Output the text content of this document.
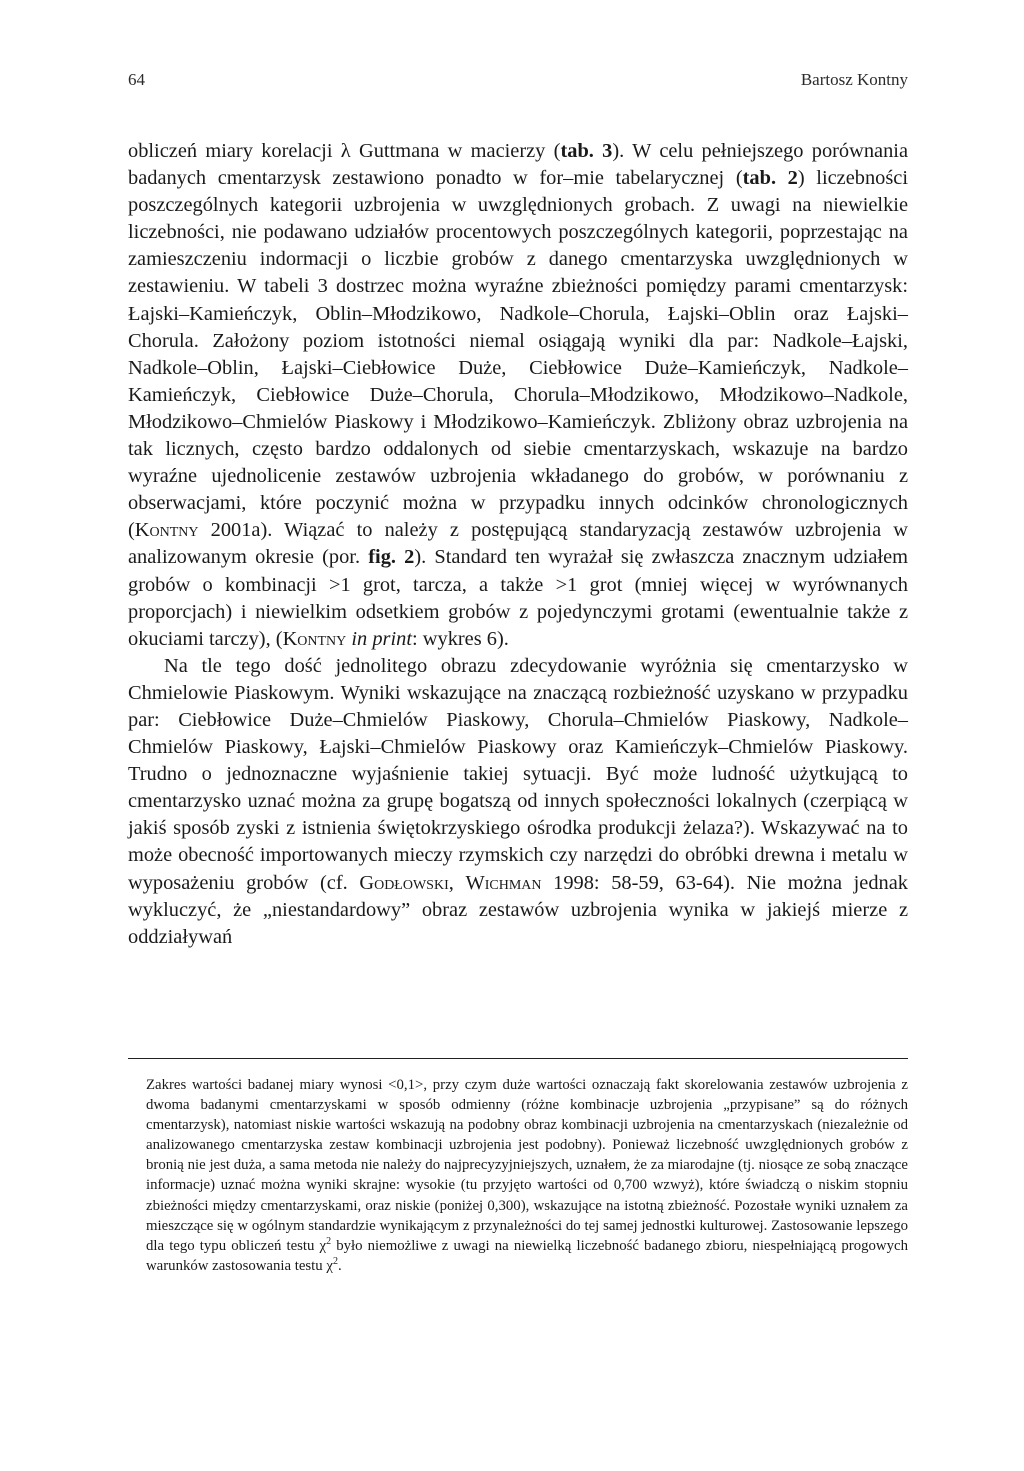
64	Bartosz Kontny

obliczeń miary korelacji λ Guttmana w macierzy (tab. 3). W celu pełniejszego porównania badanych cmentarzysk zestawiono ponadto w for–mie tabelarycznej (tab. 2) liczebności poszczególnych kategorii uzbrojenia w uwzględnionych grobach. Z uwagi na niewielkie liczebności, nie podawano udziałów procentowych poszczególnych kategorii, poprzestając na zamieszczeniu indormacji o liczbie grobów z danego cmentarzyska uwzględnionych w zestawieniu. W tabeli 3 dostrzec można wyraźne zbieżności pomiędzy parami cmentarzysk: Łajski–Kamieńczyk, Oblin–Młodzikowo, Nadkole–Chorula, Łajski–Oblin oraz Łajski–Chorula. Założony poziom istotności niemal osiągają wyniki dla par: Nadkole–Łajski, Nadkole–Oblin, Łajski–Ciebłowice Duże, Ciebłowice Duże–Kamieńczyk, Nadkole–Kamieńczyk, Ciebłowice Duże–Chorula, Chorula–Młodzikowo, Młodzikowo–Nadkole, Młodzikowo–Chmielów Piaskowy i Młodzikowo–Kamieńczyk. Zbliżony obraz uzbrojenia na tak licznych, często bardzo oddalonych od siebie cmentarzyskach, wskazuje na bardzo wyraźne ujednolicenie zestawów uzbrojenia wkładanego do grobów, w porównaniu z obserwacjami, które poczynić można w przypadku innych odcinków chronologicznych (Kontny 2001a). Wiązać to należy z postępującą standaryzacją zestawów uzbrojenia w analizowanym okresie (por. fig. 2). Standard ten wyrażał się zwłaszcza znacznym udziałem grobów o kombinacji >1 grot, tarcza, a także >1 grot (mniej więcej w wyrównanych proporcjach) i niewielkim odsetkiem grobów z pojedynczymi grotami (ewentualnie także z okuciami tarczy), (Kontny in print: wykres 6).

Na tle tego dość jednolitego obrazu zdecydowanie wyróżnia się cmentarzysko w Chmielowie Piaskowym. Wyniki wskazujące na znaczącą rozbieżność uzyskano w przypadku par: Ciebłowice Duże–Chmielów Piaskowy, Chorula–Chmielów Piaskowy, Nadkole–Chmielów Piaskowy, Łajski–Chmielów Piaskowy oraz Kamieńczyk–Chmielów Piaskowy. Trudno o jednoznaczne wyjaśnienie takiej sytuacji. Być może ludność użytkującą to cmentarzysko uznać można za grupę bogatszą od innych społeczności lokalnych (czerpiącą w jakiś sposób zyski z istnienia świętokrzyskiego ośrodka produkcji żelaza?). Wskazywać na to może obecność importowanych mieczy rzymskich czy narzędzi do obróbki drewna i metalu w wyposażeniu grobów (cf. Godłowski, Wichman 1998: 58-59, 63-64). Nie można jednak wykluczyć, że „niestandardowy” obraz zestawów uzbrojenia wynika w jakiejś mierze z oddziaływań

Zakres wartości badanej miary wynosi <0,1>, przy czym duże wartości oznaczają fakt skorelowania zestawów uzbrojenia z dwoma badanymi cmentarzyskami w sposób odmienny (różne kombinacje uzbrojenia „przypisane” są do różnych cmentarzysk), natomiast niskie wartości wskazują na podobny obraz kombinacji uzbrojenia na cmentarzyskach (niezależnie od analizowanego cmentarzyska zestaw kombinacji uzbrojenia jest podobny). Ponieważ liczebność uwzględnionych grobów z bronią nie jest duża, a sama metoda nie należy do najprecyzyjniejszych, uznałem, że za miarodajne (tj. niosące ze sobą znaczące informacje) uznać można wyniki skrajne: wysokie (tu przyjęto wartości od 0,700 wzwyż), które świadczą o niskim stopniu zbieżności między cmentarzyskami, oraz niskie (poniżej 0,300), wskazujące na istotną zbieżność. Pozostałe wyniki uznałem za mieszczące się w ogólnym standardzie wynikającym z przynależności do tej samej jednostki kulturowej. Zastosowanie lepszego dla tego typu obliczeń testu $\chi^2$ było niemożliwe z uwagi na niewielką liczebność badanego zbioru, niespełniającą progowych warunków zastosowania testu $\chi^2$.
